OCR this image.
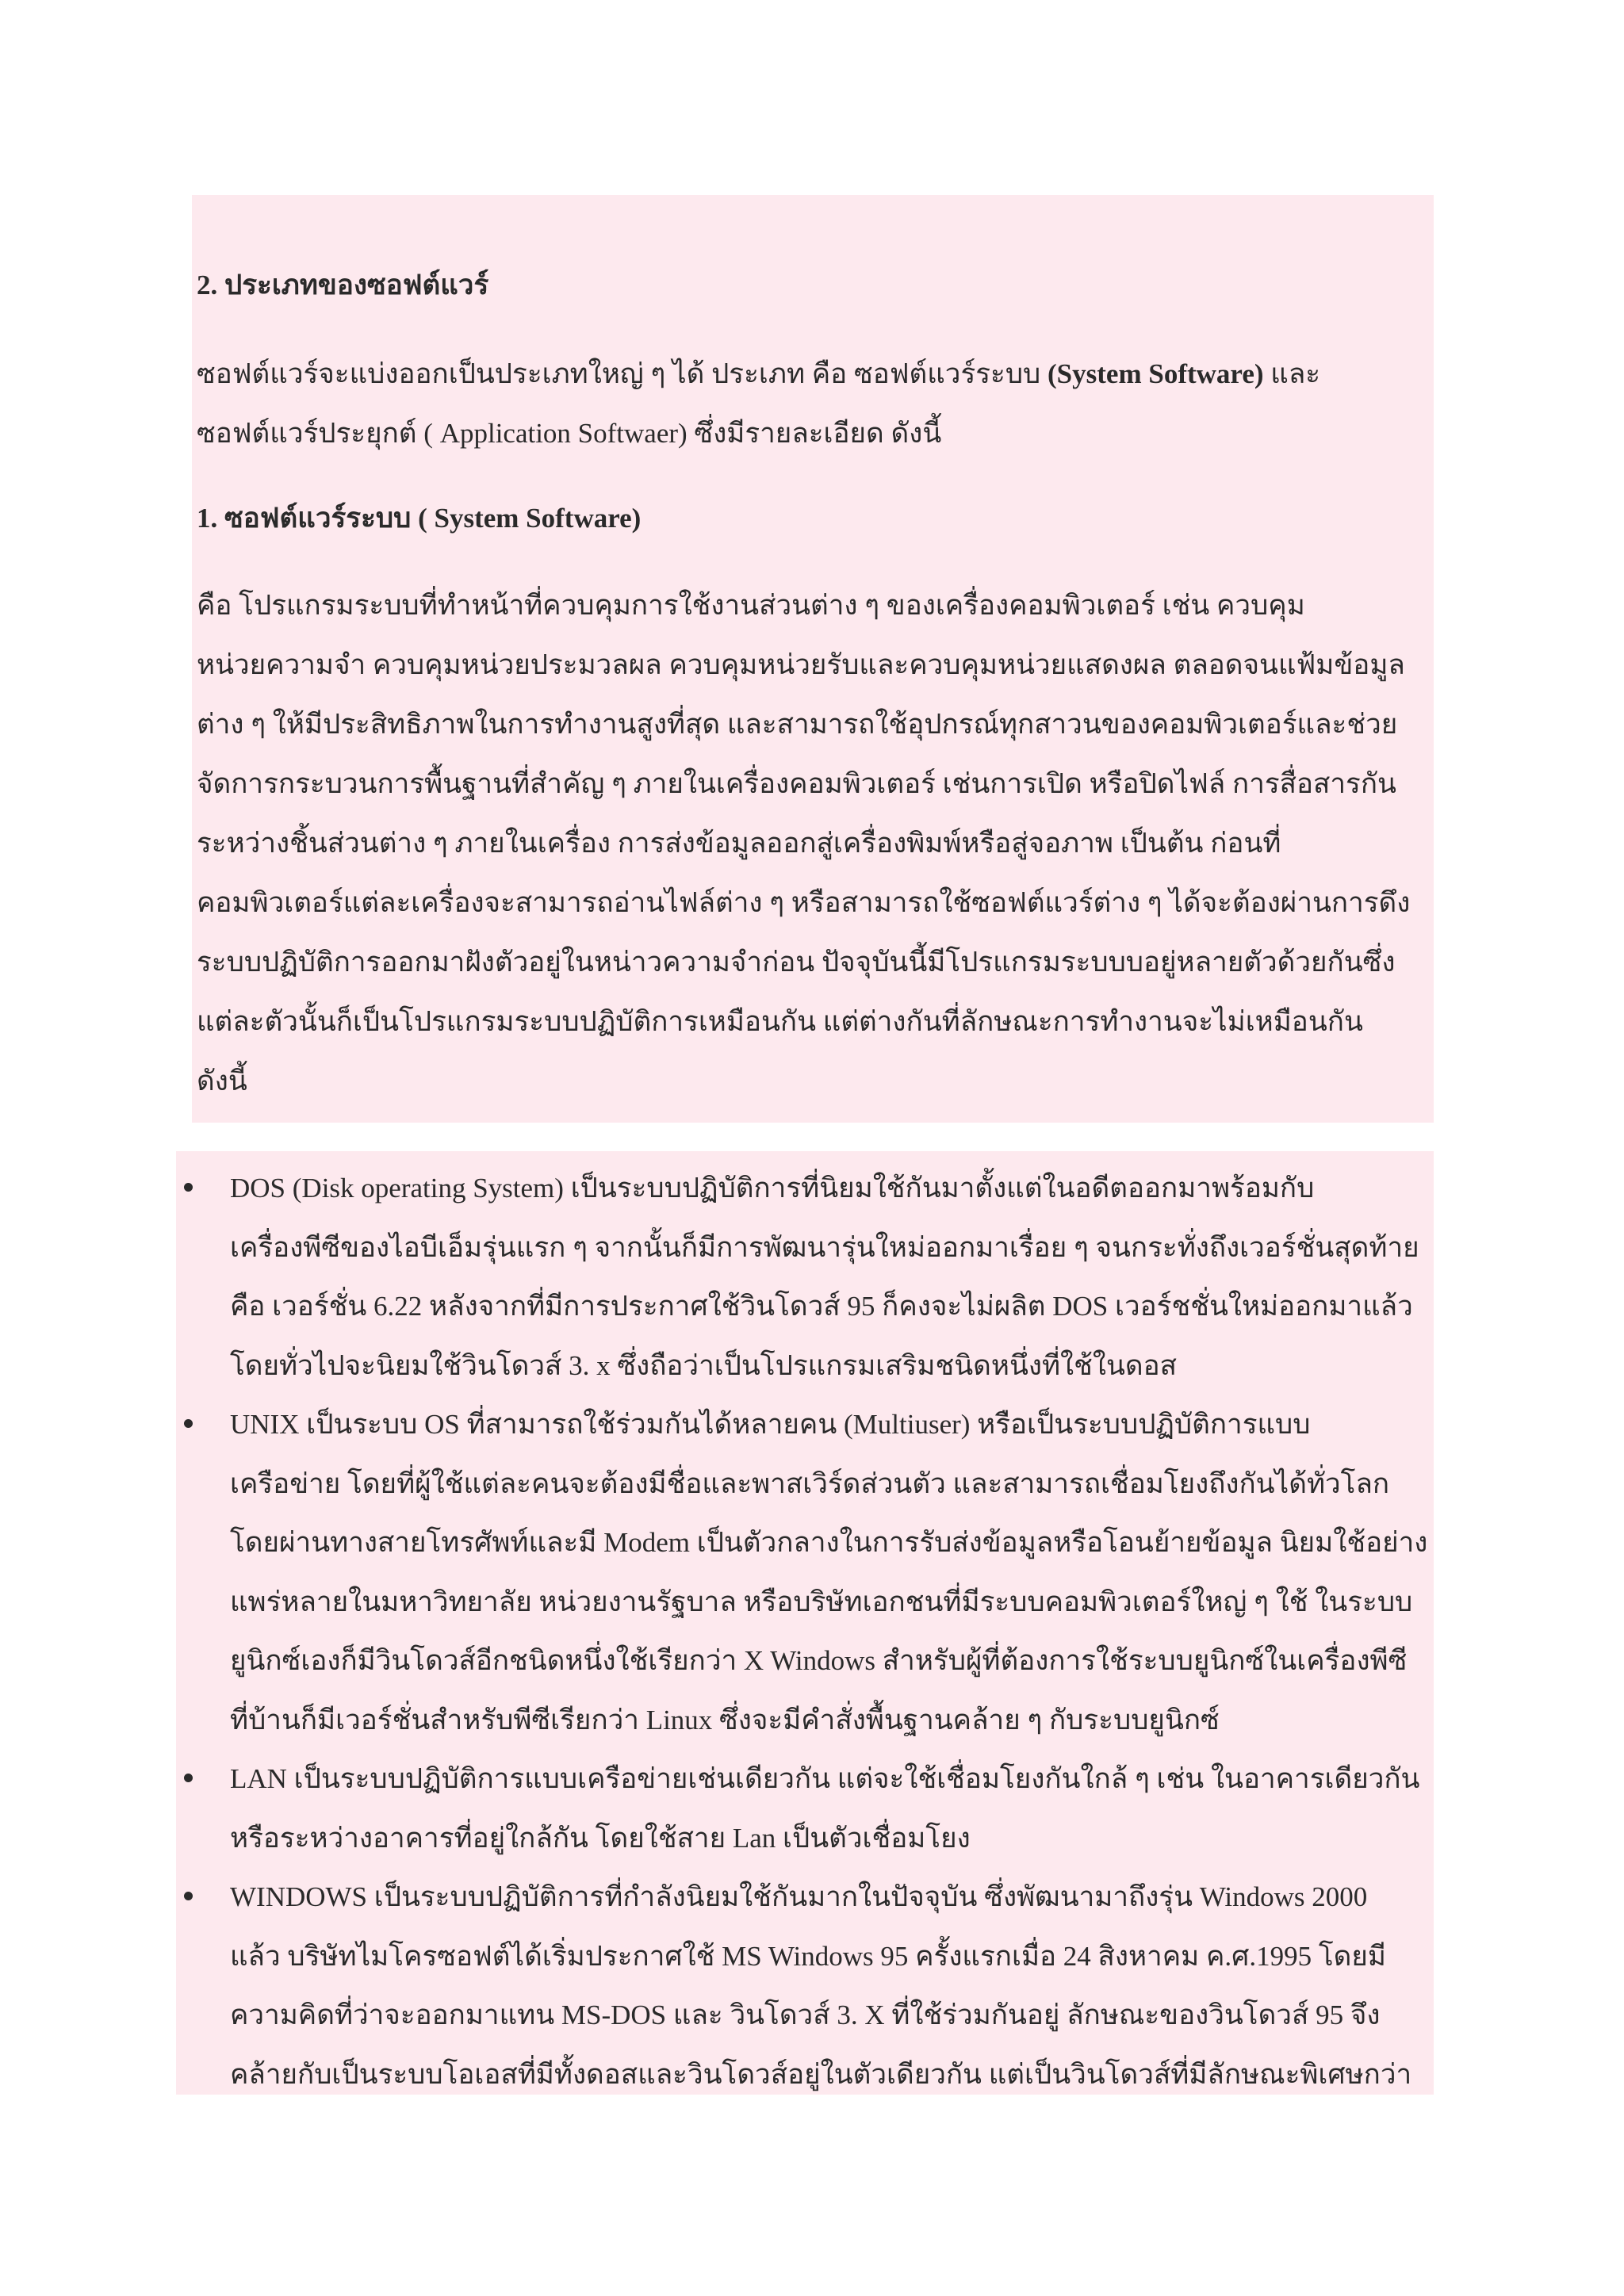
2. ประเภทของซอฟต์แวร์

ซอฟต์แวร์จะแบ่งออกเป็นประเภทใหญ่ ๆ ได้ ประเภท คือ ซอฟต์แวร์ระบบ (System Software) และ
ซอฟต์แวร์ประยุกต์ ( Application Softwaer) ซึ่งมีรายละเอียด ดังนี้

1. ซอฟต์แวร์ระบบ ( System Software)

คือ โปรแกรมระบบที่ทำหน้าที่ควบคุมการใช้งานส่วนต่าง ๆ ของเครื่องคอมพิวเตอร์ เช่น ควบคุม
หน่วยความจำ ควบคุมหน่วยประมวลผล ควบคุมหน่วยรับและควบคุมหน่วยแสดงผล ตลอดจนแฟ้มข้อมูล
ต่าง ๆ ให้มีประสิทธิภาพในการทำงานสูงที่สุด และสามารถใช้อุปกรณ์ทุกสาวนของคอมพิวเตอร์และช่วย
จัดการกระบวนการพื้นฐานที่สำคัญ ๆ ภายในเครื่องคอมพิวเตอร์ เช่นการเปิด หรือปิดไฟล์ การสื่อสารกัน
ระหว่างชิ้นส่วนต่าง ๆ ภายในเครื่อง การส่งข้อมูลออกสู่เครื่องพิมพ์หรือสู่จอภาพ เป็นต้น ก่อนที่
คอมพิวเตอร์แต่ละเครื่องจะสามารถอ่านไฟล์ต่าง ๆ หรือสามารถใช้ซอฟต์แวร์ต่าง ๆ ได้จะต้องผ่านการดึง
ระบบปฏิบัติการออกมาฝังตัวอยู่ในหน่าวความจำก่อน ปัจจุบันนี้มีโปรแกรมระบบบอยู่หลายตัวด้วยกันซึ่ง
แต่ละตัวนั้นก็เป็นโปรแกรมระบบปฏิบัติการเหมือนกัน แต่ต่างกันที่ลักษณะการทำงานจะไม่เหมือนกัน
ดังนี้

DOS (Disk operating System) เป็นระบบปฏิบัติการที่นิยมใช้กันมาตั้งแต่ในอดีตออกมาพร้อมกับ
เครื่องพีซีของไอบีเอ็มรุ่นแรก ๆ จากนั้นก็มีการพัฒนารุ่นใหม่ออกมาเรื่อย ๆ จนกระทั่งถึงเวอร์ชั่นสุดท้าย
คือ เวอร์ชั่น 6.22 หลังจากที่มีการประกาศใช้วินโดวส์ 95 ก็คงจะไม่ผลิต DOS เวอร์ชชั่นใหม่ออกมาแล้ว
โดยทั่วไปจะนิยมใช้วินโดวส์ 3. x ซึ่งถือว่าเป็นโปรแกรมเสริมชนิดหนึ่งที่ใช้ในดอส
UNIX เป็นระบบ OS ที่สามารถใช้ร่วมกันได้หลายคน (Multiuser) หรือเป็นระบบปฏิบัติการแบบ
เครือข่าย โดยที่ผู้ใช้แต่ละคนจะต้องมีชื่อและพาสเวิร์ดส่วนตัว และสามารถเชื่อมโยงถึงกันได้ทั่วโลก
โดยผ่านทางสายโทรศัพท์และมี Modem เป็นตัวกลางในการรับส่งข้อมูลหรือโอนย้ายข้อมูล นิยมใช้อย่าง
แพร่หลายในมหาวิทยาลัย หน่วยงานรัฐบาล หรือบริษัทเอกชนที่มีระบบคอมพิวเตอร์ใหญ่ ๆ ใช้ ในระบบ
ยูนิกซ์เองก็มีวินโดวส์อีกชนิดหนึ่งใช้เรียกว่า X Windows สำหรับผู้ที่ต้องการใช้ระบบยูนิกซ์ในเครื่องพีซี
ที่บ้านก็มีเวอร์ชั่นสำหรับพีซีเรียกว่า Linux ซึ่งจะมีคำสั่งพื้นฐานคล้าย ๆ กับระบบยูนิกซ์
LAN เป็นระบบปฏิบัติการแบบเครือข่ายเช่นเดียวกัน แต่จะใช้เชื่อมโยงกันใกล้ ๆ เช่น ในอาคารเดียวกัน
หรือระหว่างอาคารที่อยู่ใกล้กัน โดยใช้สาย Lan เป็นตัวเชื่อมโยง
WINDOWS เป็นระบบปฏิบัติการที่กำลังนิยมใช้กันมากในปัจจุบัน ซึ่งพัฒนามาถึงรุ่น Windows 2000
แล้ว บริษัทไมโครซอฟต์ได้เริ่มประกาศใช้ MS Windows 95 ครั้งแรกเมื่อ 24 สิงหาคม ค.ศ.1995 โดยมี
ความคิดที่ว่าจะออกมาแทน MS-DOS และ วินโดวส์ 3. X ที่ใช้ร่วมกันอยู่ ลักษณะของวินโดวส์ 95 จึง
คล้ายกับเป็นระบบโอเอสที่มีทั้งดอสและวินโดวส์อยู่ในตัวเดียวกัน แต่เป็นวินโดวส์ที่มีลักษณะพิเศษกว่า
